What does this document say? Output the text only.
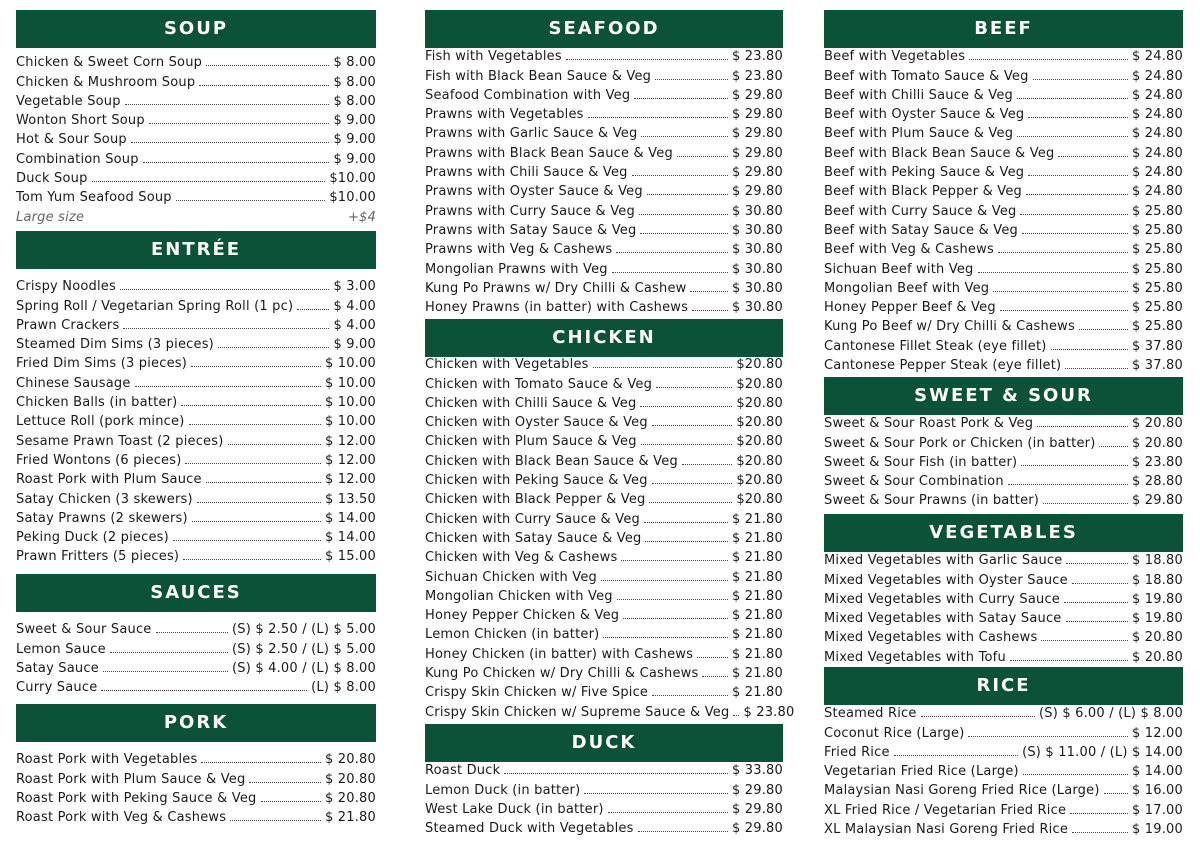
SOUP
Chicken & Sweet Corn Soup	$ 8.00
Chicken & Mushroom Soup	$ 8.00
Vegetable Soup	$ 8.00
Wonton Short Soup	$ 9.00
Hot & Sour Soup	$ 9.00
Combination Soup	$ 9.00
Duck Soup	$10.00
Tom Yum Seafood Soup	$10.00
Large size	+$4
ENTRÉE
Crispy Noodles	$ 3.00
Spring Roll / Vegetarian Spring Roll (1 pc)	$ 4.00
Prawn Crackers	$ 4.00
Steamed Dim Sims (3 pieces)	$ 9.00
Fried Dim Sims (3 pieces)	$ 10.00
Chinese Sausage	$ 10.00
Chicken Balls (in batter)	$ 10.00
Lettuce Roll (pork mince)	$ 10.00
Sesame Prawn Toast (2 pieces)	$ 12.00
Fried Wontons (6 pieces)	$ 12.00
Roast Pork with Plum Sauce	$ 12.00
Satay Chicken (3 skewers)	$ 13.50
Satay Prawns (2 skewers)	$ 14.00
Peking Duck (2 pieces)	$ 14.00
Prawn Fritters (5 pieces)	$ 15.00
SAUCES
Sweet & Sour Sauce	(S) $ 2.50 / (L) $ 5.00
Lemon Sauce	(S) $ 2.50 / (L) $ 5.00
Satay Sauce	(S) $ 4.00 / (L) $ 8.00
Curry Sauce	(L) $ 8.00
PORK
Roast Pork with Vegetables	$ 20.80
Roast Pork with Plum Sauce & Veg	$ 20.80
Roast Pork with Peking Sauce & Veg	$ 20.80
Roast Pork with Veg & Cashews	$ 21.80
SEAFOOD
Fish with Vegetables	$ 23.80
Fish with Black Bean Sauce & Veg	$ 23.80
Seafood Combination with Veg	$ 29.80
Prawns with Vegetables	$ 29.80
Prawns with Garlic Sauce & Veg	$ 29.80
Prawns with Black Bean Sauce & Veg	$ 29.80
Prawns with Chili Sauce & Veg	$ 29.80
Prawns with Oyster Sauce & Veg	$ 29.80
Prawns with Curry Sauce & Veg	$ 30.80
Prawns with Satay Sauce & Veg	$ 30.80
Prawns with Veg & Cashews	$ 30.80
Mongolian Prawns with Veg	$ 30.80
Kung Po Prawns w/ Dry Chilli & Cashew	$ 30.80
Honey Prawns (in batter) with Cashews	$ 30.80
CHICKEN
Chicken with Vegetables	$20.80
Chicken with Tomato Sauce & Veg	$20.80
Chicken with Chilli Sauce & Veg	$20.80
Chicken with Oyster Sauce & Veg	$20.80
Chicken with Plum Sauce & Veg	$20.80
Chicken with Black Bean Sauce & Veg	$20.80
Chicken with Peking Sauce & Veg	$20.80
Chicken with Black Pepper & Veg	$20.80
Chicken with Curry Sauce & Veg	$ 21.80
Chicken with Satay Sauce & Veg	$ 21.80
Chicken with Veg & Cashews	$ 21.80
Sichuan Chicken with Veg	$ 21.80
Mongolian Chicken with Veg	$ 21.80
Honey Pepper Chicken & Veg	$ 21.80
Lemon Chicken (in batter)	$ 21.80
Honey Chicken (in batter) with Cashews	$ 21.80
Kung Po Chicken w/ Dry Chilli & Cashews	$ 21.80
Crispy Skin Chicken w/ Five Spice	$ 21.80
Crispy Skin Chicken w/ Supreme Sauce & Veg $ 23.80
DUCK
Roast Duck	$ 33.80
Lemon Duck (in batter)	$ 29.80
West Lake Duck (in batter)	$ 29.80
Steamed Duck with Vegetables	$ 29.80
BEEF
Beef with Vegetables	$ 24.80
Beef with Tomato Sauce & Veg	$ 24.80
Beef with Chilli Sauce & Veg	$ 24.80
Beef with Oyster Sauce & Veg	$ 24.80
Beef with Plum Sauce & Veg	$ 24.80
Beef with Black Bean Sauce & Veg	$ 24.80
Beef with Peking Sauce & Veg	$ 24.80
Beef with Black Pepper & Veg	$ 24.80
Beef with Curry Sauce & Veg	$ 25.80
Beef with Satay Sauce & Veg	$ 25.80
Beef with Veg & Cashews	$ 25.80
Sichuan Beef with Veg	$ 25.80
Mongolian Beef with Veg	$ 25.80
Honey Pepper Beef & Veg	$ 25.80
Kung Po Beef w/ Dry Chilli & Cashews	$ 25.80
Cantonese Fillet Steak (eye fillet)	$ 37.80
Cantonese Pepper Steak (eye fillet)	$ 37.80
SWEET & SOUR
Sweet & Sour Roast Pork & Veg	$ 20.80
Sweet & Sour Pork or Chicken (in batter)	$ 20.80
Sweet & Sour Fish (in batter)	$ 23.80
Sweet & Sour Combination	$ 28.80
Sweet & Sour Prawns (in batter)	$ 29.80
VEGETABLES
Mixed Vegetables with Garlic Sauce	$ 18.80
Mixed Vegetables with Oyster Sauce	$ 18.80
Mixed Vegetables with Curry Sauce	$ 19.80
Mixed Vegetables with Satay Sauce	$ 19.80
Mixed Vegetables with Cashews	$ 20.80
Mixed Vegetables with Tofu	$ 20.80
RICE
Steamed Rice	(S) $ 6.00 / (L) $ 8.00
Coconut Rice (Large)	$ 12.00
Fried Rice	(S) $ 11.00 / (L) $ 14.00
Vegetarian Fried Rice (Large)	$ 14.00
Malaysian Nasi Goreng Fried Rice (Large) $ 16.00
XL Fried Rice / Vegetarian Fried Rice	$ 17.00
XL Malaysian Nasi Goreng Fried Rice	$ 19.00
